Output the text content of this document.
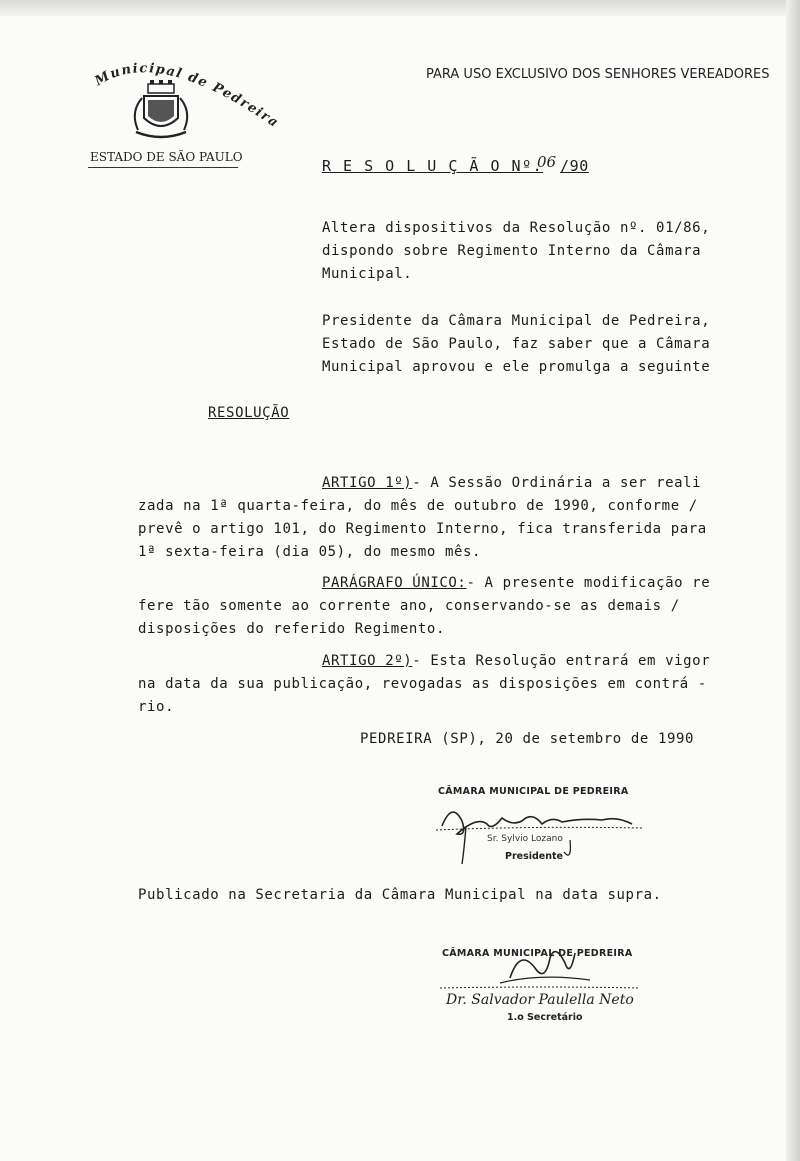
Municipal de Pedreira
PARA USO EXCLUSIVO DOS SENHORES VEREADORES
ESTADO DE SÃO PAULO	R E S O L U Ç Ã O Nº.
06 /90
Altera dispositivos da Resolução nº. 01/86,
dispondo sobre Regimento Interno da Câmara
Municipal.
Presidente da Câmara Municipal de Pedreira,
Estado de São Paulo, faz saber que a Câmara
Municipal aprovou e ele promulga a seguinte
RESOLUÇÃO
ARTIGO 1º)- A Sessão Ordinária a ser reali
zada na 1ª quarta-feira, do mês de outubro de 1990, conforme /
prevê o artigo 101, do Regimento Interno, fica transferida para
1ª sexta-feira (dia 05), do mesmo mês.
PARÁGRAFO ÚNICO:- A presente modificação re
fere tão somente ao corrente ano, conservando-se as demais /
disposições do referido Regimento.
ARTIGO 2º)- Esta Resolução entrará em vigor
na data da sua publicação, revogadas as disposições em contrá -
rio.
PEDREIRA (SP), 20 de setembro de 1990
CÂMARA MUNICIPAL DE PEDREIRA
Sr. Sylvio Lozano
Presidente
Publicado na Secretaria da Câmara Municipal na data supra.
CÂMARA MUNICIPAL DE PEDREIRA
Dr. Salvador Paulella Neto
1.o Secretário
